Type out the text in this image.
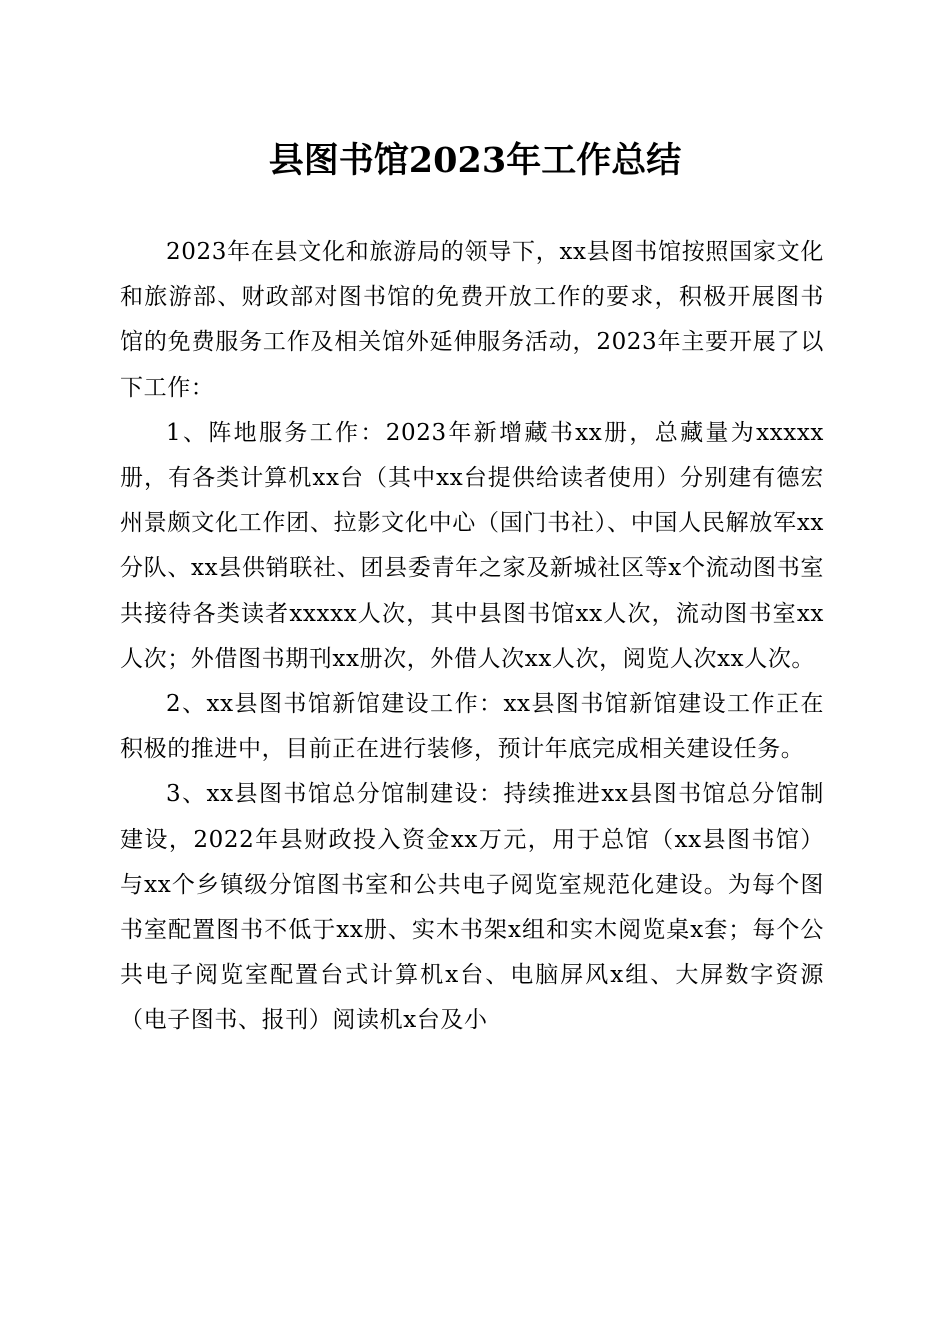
县图书馆2023年工作总结

2023年在县文化和旅游局的领导下，xx县图书馆按照国家文化和旅游部、财政部对图书馆的免费开放工作的要求，积极开展图书馆的免费服务工作及相关馆外延伸服务活动，2023年主要开展了以下工作：

1、阵地服务工作：2023年新增藏书xx册，总藏量为xxxxx册，有各类计算机xx台（其中xx台提供给读者使用）分别建有德宏州景颇文化工作团、拉影文化中心（国门书社）、中国人民解放军xx分队、xx县供销联社、团县委青年之家及新城社区等x个流动图书室共接待各类读者xxxxx人次，其中县图书馆xx人次，流动图书室xx人次；外借图书期刊xx册次，外借人次xx人次，阅览人次xx人次。

2、xx县图书馆新馆建设工作：xx县图书馆新馆建设工作正在积极的推进中，目前正在进行装修，预计年底完成相关建设任务。

3、xx县图书馆总分馆制建设：持续推进xx县图书馆总分馆制建设，2022年县财政投入资金xx万元，用于总馆（xx县图书馆）与xx个乡镇级分馆图书室和公共电子阅览室规范化建设。为每个图书室配置图书不低于xx册、实木书架x组和实木阅览桌x套；每个公共电子阅览室配置台式计算机x台、电脑屏风x组、大屏数字资源（电子图书、报刊）阅读机x台及小
